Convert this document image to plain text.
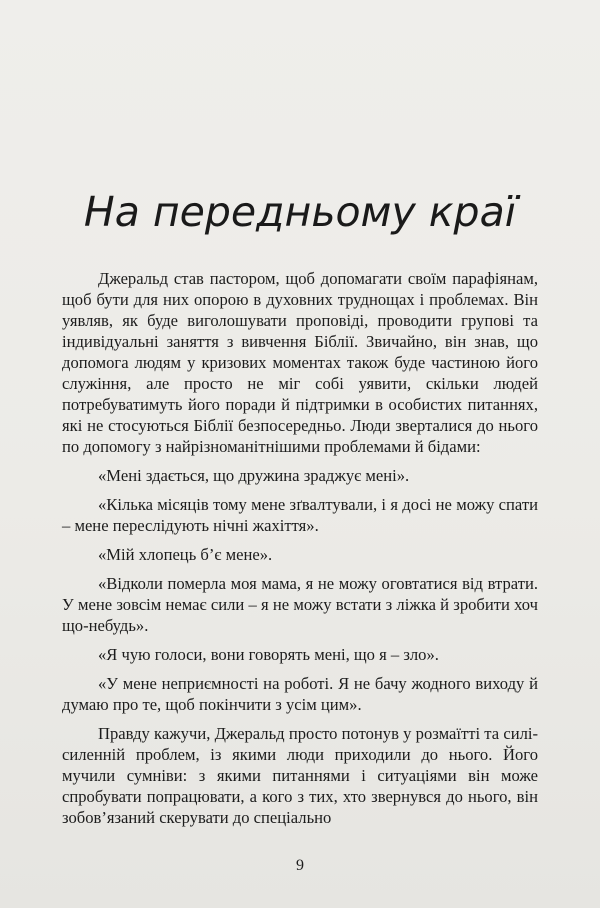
На передньому краї

Джеральд став пастором, щоб допомагати своїм парафіянам, щоб бути для них опорою в духовних труднощах і проблемах. Він уявляв, як буде виголошувати проповіді, проводити групові та індивідуальні заняття з вивчення Біблії. Звичайно, він знав, що допомога людям у кризових моментах також буде частиною його служіння, але просто не міг собі уявити, скільки людей потребуватимуть його поради й підтримки в особистих питаннях, які не стосуються Біблії безпосередньо. Люди зверталися до нього по допомогу з найрізноманітнішими проблемами й бідами:

«Мені здається, що дружина зраджує мені».

«Кілька місяців тому мене зґвалтували, і я досі не можу спати – мене переслідують нічні жахіття».

«Мій хлопець б’є мене».

«Відколи померла моя мама, я не можу оговтатися від втрати. У мене зовсім немає сили – я не можу встати з ліжка й зробити хоч що-небудь».

«Я чую голоси, вони говорять мені, що я – зло».

«У мене неприємності на роботі. Я не бачу жодного виходу й думаю про те, щоб покінчити з усім цим».

Правду кажучи, Джеральд просто потонув у розмаїтті та силі-силенній проблем, із якими люди приходили до нього. Його мучили сумніви: з якими питаннями і ситуаціями він може спробувати попрацювати, а кого з тих, хто звернувся до нього, він зобов’язаний скерувати до спеціально

9
